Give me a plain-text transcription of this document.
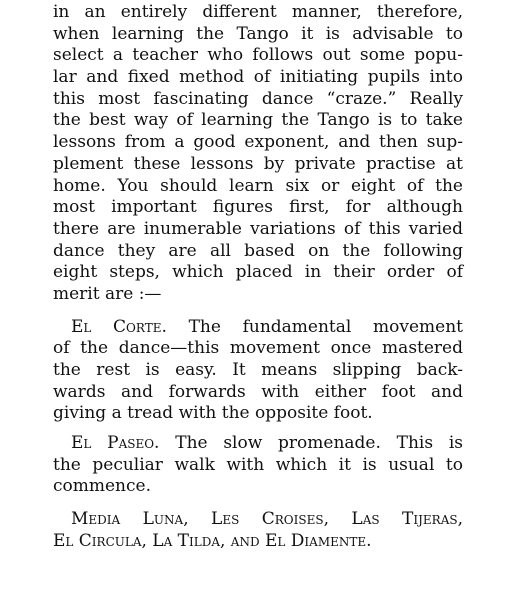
in an entirely different manner, therefore,
when learning the Tango it is advisable to
select a teacher who follows out some popu-
lar and fixed method of initiating pupils into
this most fascinating dance “craze.” Really
the best way of learning the Tango is to take
lessons from a good exponent, and then sup-
plement these lessons by private practise at
home. You should learn six or eight of the
most important figures first, for although
there are inumerable variations of this varied
dance they are all based on the following
eight steps, which placed in their order of
merit are :—
El Corte. The fundamental movement
of the dance—this movement once mastered
the rest is easy. It means slipping back-
wards and forwards with either foot and
giving a tread with the opposite foot.
El Paseo. The slow promenade. This is
the peculiar walk with which it is usual to
commence.
Media Luna, Les Croises, Las Tijeras,
El Circula, La Tilda, and El Diamente.
